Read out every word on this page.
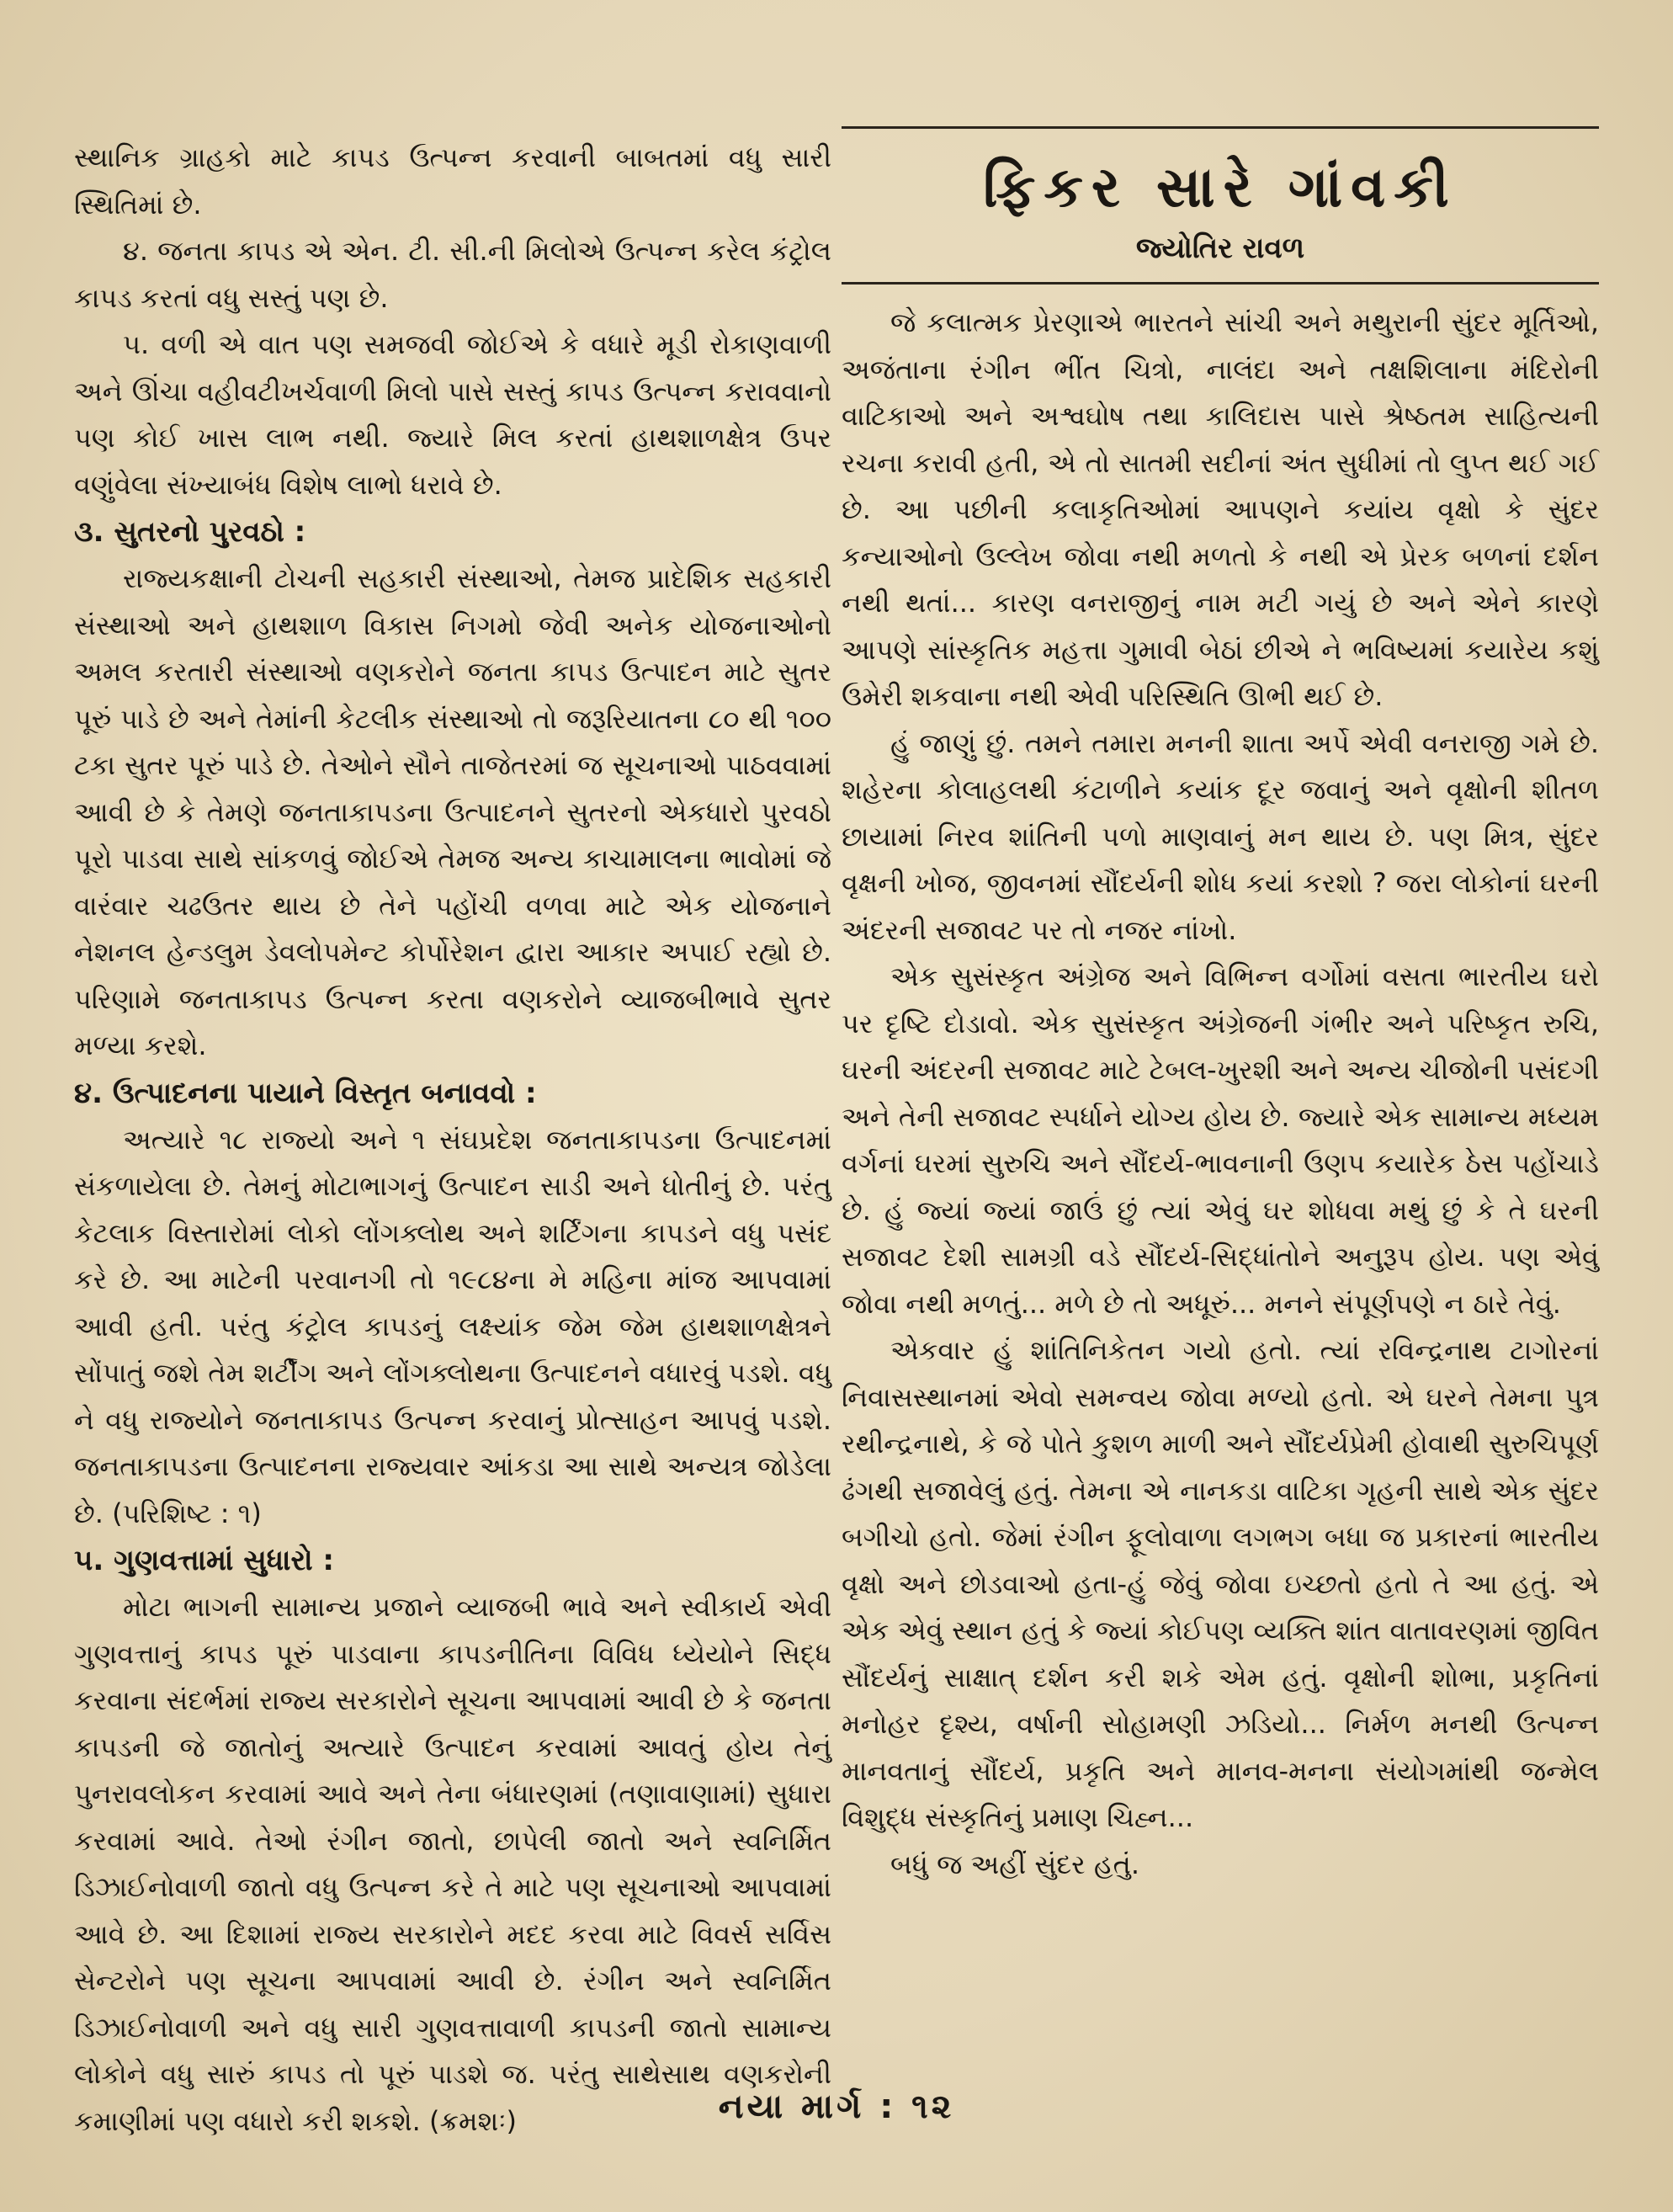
સ્થાનિક ગ્રાહકો માટે કાપડ ઉત્પન્ન કરવાની બાબતમાં વધુ સારી સ્થિતિમાં છે.

૪. જનતા કાપડ એ એન. ટી. સી.ની મિલોએ ઉત્પન્ન કરેલ કંટ્રોલ કાપડ કરતાં વધુ સસ્તું પણ છે.

૫. વળી એ વાત પણ સમજવી જોઈએ કે વધારે મૂડી રોકાણવાળી અને ઊંચા વહીવટીખર્ચવાળી મિલો પાસે સસ્તું કાપડ ઉત્પન્ન કરાવવાનો પણ કોઈ ખાસ લાભ નથી. જ્યારે મિલ કરતાં હાથશાળક્ષેત્ર ઉપર વણુંવેલા સંખ્યાબંધ વિશેષ લાભો ધરાવે છે.

૩. સુતરનો પુરવઠો :

રાજ્યકક્ષાની ટોચની સહકારી સંસ્થાઓ, તેમજ પ્રાદેશિક સહકારી સંસ્થાઓ અને હાથશાળ વિકાસ નિગમો જેવી અનેક યોજનાઓનો અમલ કરતારી સંસ્થાઓ વણકરોને જનતા કાપડ ઉત્પાદન માટે સુતર પૂરું પાડે છે અને તેમાંની કેટલીક સંસ્થાઓ તો જરૂરિયાતના ૮૦ થી ૧૦૦ ટકા સુતર પૂરું પાડે છે. તેઓને સૌને તાજેતરમાં જ સૂચનાઓ પાઠવવામાં આવી છે કે તેમણે જનતાકાપડના ઉત્પાદનને સુતરનો એકધારો પુરવઠો પૂરો પાડવા સાથે સાંકળવું જોઈએ તેમજ અન્ય કાચામાલના ભાવોમાં જે વારંવાર ચઢઉતર થાય છે તેને પહોંચી વળવા માટે એક યોજનાને નેશનલ હેન્ડલુમ ડેવલોપમેન્ટ કોર્પોરેશન દ્વારા આકાર અપાઈ રહ્યો છે. પરિણામે જનતાકાપડ ઉત્પન્ન કરતા વણકરોને વ્યાજબીભાવે સુતર મળ્યા કરશે.

૪. ઉત્પાદનના પાયાને વિસ્તૃત બનાવવો :

અત્યારે ૧૮ રાજ્યો અને ૧ સંઘપ્રદેશ જનતાકાપડના ઉત્પાદનમાં સંકળાયેલા છે. તેમનું મોટાભાગનું ઉત્પાદન સાડી અને ધોતીનું છે. પરંતુ કેટલાક વિસ્તારોમાં લોકો લોંગક્લોથ અને શર્ટિંગના કાપડને વધુ પસંદ કરે છે. આ માટેની પરવાનગી તો ૧૯૮૪ના મે મહિના માંજ આપવામાં આવી હતી. પરંતુ કંટ્રોલ કાપડનું લક્ષ્યાંક જેમ જેમ હાથશાળક્ષેત્રને સોંપાતું જશે તેમ શર્ટીંગ અને લોંગક્લોથના ઉત્પાદનને વધારવું પડશે. વધુ ને વધુ રાજ્યોને જનતાકાપડ ઉત્પન્ન કરવાનું પ્રોત્સાહન આપવું પડશે. જનતાકાપડના ઉત્પાદનના રાજ્યવાર આંકડા આ સાથે અન્યત્ર જોડેલા છે. (પરિશિષ્ટ : ૧)

૫. ગુણવત્તામાં સુધારો :

મોટા ભાગની સામાન્ય પ્રજાને વ્યાજબી ભાવે અને સ્વીકાર્ય એવી ગુણવત્તાનું કાપડ પૂરું પાડવાના કાપડનીતિના વિવિધ ધ્યેયોને સિદ્ધ કરવાના સંદર્ભમાં રાજ્ય સરકારોને સૂચના આપવામાં આવી છે કે જનતા કાપડની જે જાતોનું અત્યારે ઉત્પાદન કરવામાં આવતું હોય તેનું પુનરાવલોકન કરવામાં આવે અને તેના બંધારણમાં (તણાવાણામાં) સુધારા કરવામાં આવે. તેઓ રંગીન જાતો, છાપેલી જાતો અને સ્વનિર્મિત ડિઝાઈનોવાળી જાતો વધુ ઉત્પન્ન કરે તે માટે પણ સૂચનાઓ આપવામાં આવે છે. આ દિશામાં રાજ્ય સરકારોને મદદ કરવા માટે વિવર્સ સર્વિસ સેન્ટરોને પણ સૂચના આપવામાં આવી છે. રંગીન અને સ્વનિર્મિત ડિઝાઈનોવાળી અને વધુ સારી ગુણવત્તાવાળી કાપડની જાતો સામાન્ય લોકોને વધુ સારું કાપડ તો પૂરું પાડશે જ. પરંતુ સાથેસાથ વણકરોની કમાણીમાં પણ વધારો કરી શકશે. (ક્રમશઃ)

ફિકર સારે ગાંવકી
જ્યોતિર રાવળ

જે કલાત્મક પ્રેરણાએ ભારતને સાંચી અને મથુરાની સુંદર મૂર્તિઓ, અજંતાના રંગીન ભીંત ચિત્રો, નાલંદા અને તક્ષશિલાના મંદિરોની વાટિકાઓ અને અશ્વઘોષ તથા કાલિદાસ પાસે શ્રેષ્ઠતમ સાહિત્યની રચના કરાવી હતી, એ તો સાતમી સદીનાં અંત સુધીમાં તો લુપ્ત થઈ ગઈ છે. આ પછીની કલાકૃતિઓમાં આપણને કયાંય વૃક્ષો કે સુંદર કન્યાઓનો ઉલ્લેખ જોવા નથી મળતો કે નથી એ પ્રેરક બળનાં દર્શન નથી થતાં... કારણ વનરાજીનું નામ મટી ગયું છે અને એને કારણે આપણે સાંસ્કૃતિક મહત્તા ગુમાવી બેઠાં છીએ ને ભવિષ્યમાં કયારેય કશું ઉમેરી શકવાના નથી એવી પરિસ્થિતિ ઊભી થઈ છે.

હું જાણું છું. તમને તમારા મનની શાતા અર્પે એવી વનરાજી ગમે છે. શહેરના કોલાહલથી કંટાળીને કયાંક દૂર જવાનું અને વૃક્ષોની શીતળ છાયામાં નિરવ શાંતિની પળો માણવાનું મન થાય છે. પણ મિત્ર, સુંદર વૃક્ષની ખોજ, જીવનમાં સૌંદર્યની શોધ કયાં કરશો ? જરા લોકોનાં ઘરની અંદરની સજાવટ પર તો નજર નાંખો.

એક સુસંસ્કૃત અંગ્રેજ અને વિભિન્ન વર્ગોમાં વસતા ભારતીય ઘરો પર દૃષ્ટિ દોડાવો. એક સુસંસ્કૃત અંગ્રેજની ગંભીર અને પરિષ્કૃત રુચિ, ઘરની અંદરની સજાવટ માટે ટેબલ-ખુરશી અને અન્ય ચીજોની પસંદગી અને તેની સજાવટ સ્પર્ધાને યોગ્ય હોય છે. જ્યારે એક સામાન્ય મધ્યમ વર્ગનાં ઘરમાં સુરુચિ અને સૌંદર્ય-ભાવનાની ઉણપ કયારેક ઠેસ પહોંચાડે છે. હું જ્યાં જ્યાં જાઉં છું ત્યાં એવું ઘર શોધવા મથું છું કે તે ઘરની સજાવટ દેશી સામગ્રી વડે સૌંદર્ય-સિદ્ધાંતોને અનુરૂપ હોય. પણ એવું જોવા નથી મળતું... મળે છે તો અધૂરું... મનને સંપૂર્ણપણે ન ઠારે તેવું.

એકવાર હું શાંતિનિકેતન ગયો હતો. ત્યાં રવિન્દ્રનાથ ટાગોરનાં નિવાસસ્થાનમાં એવો સમન્વય જોવા મળ્યો હતો. એ ઘરને તેમના પુત્ર રથીન્દ્રનાથે, કે જે પોતે કુશળ માળી અને સૌંદર્યપ્રેમી હોવાથી સુરુચિપૂર્ણ ઢંગથી સજાવેલું હતું. તેમના એ નાનકડા વાટિકા ગૃહની સાથે એક સુંદર બગીચો હતો. જેમાં રંગીન ફૂલોવાળા લગભગ બધા જ પ્રકારનાં ભારતીય વૃક્ષો અને છોડવાઓ હતા-હું જેવું જોવા ઇચ્છતો હતો તે આ હતું. એ એક એવું સ્થાન હતું કે જ્યાં કોઈપણ વ્યક્તિ શાંત વાતાવરણમાં જીવિત સૌંદર્યનું સાક્ષાત્ દર્શન કરી શકે એમ હતું. વૃક્ષોની શોભા, પ્રકૃતિનાં મનોહર દૃશ્ય, વર્ષાની સોહામણી ઝડિયો... નિર્મળ મનથી ઉત્પન્ન માનવતાનું સૌંદર્ય, પ્રકૃતિ અને માનવ-મનના સંયોગમાંથી જન્મેલ વિશુદ્ધ સંસ્કૃતિનું પ્રમાણ ચિહ્ન...

બધું જ અહીં સુંદર હતું.

નયા માર્ગ : ૧૨
